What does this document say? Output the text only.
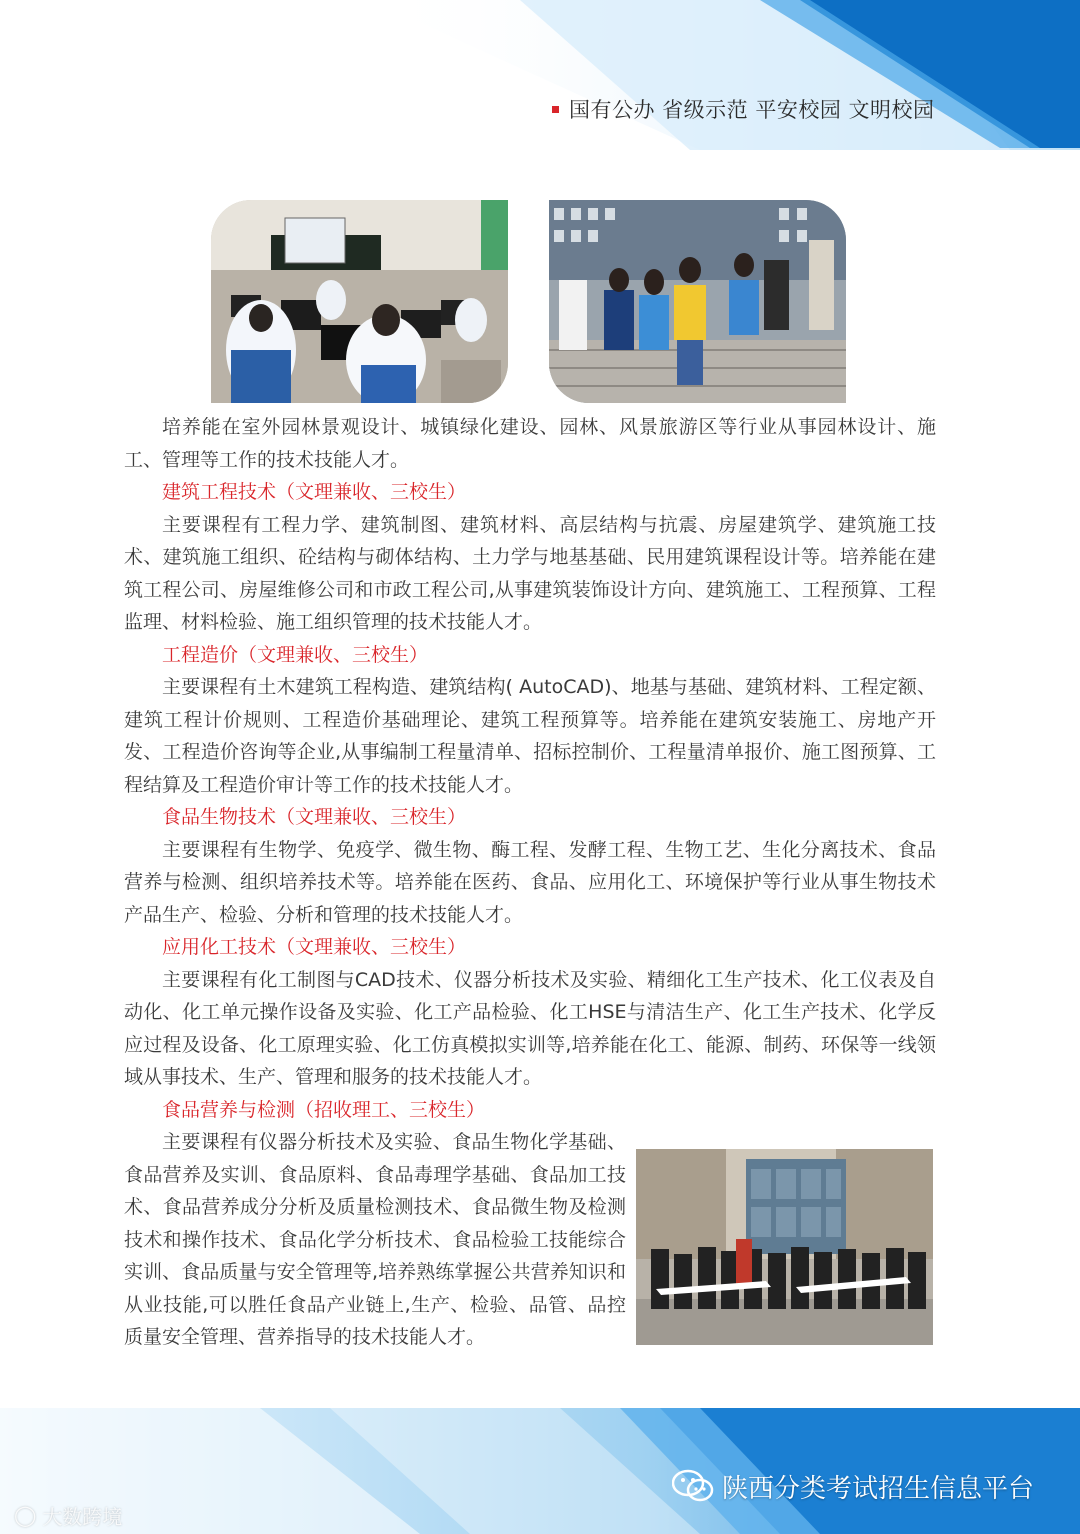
国有公办 省级示范 平安校园 文明校园

培养能在室外园林景观设计、城镇绿化建设、园林、风景旅游区等行业从事园林设计、施工、管理等工作的技术技能人才。

建筑工程技术（文理兼收、三校生）

主要课程有工程力学、建筑制图、建筑材料、高层结构与抗震、房屋建筑学、建筑施工技术、建筑施工组织、砼结构与砌体结构、土力学与地基基础、民用建筑课程设计等。培养能在建筑工程公司、房屋维修公司和市政工程公司,从事建筑装饰设计方向、建筑施工、工程预算、工程监理、材料检验、施工组织管理的技术技能人才。

工程造价（文理兼收、三校生）

主要课程有土木建筑工程构造、建筑结构( AutoCAD)、地基与基础、建筑材料、工程定额、建筑工程计价规则、工程造价基础理论、建筑工程预算等。培养能在建筑安装施工、房地产开发、工程造价咨询等企业,从事编制工程量清单、招标控制价、工程量清单报价、施工图预算、工程结算及工程造价审计等工作的技术技能人才。

食品生物技术（文理兼收、三校生）

主要课程有生物学、免疫学、微生物、酶工程、发酵工程、生物工艺、生化分离技术、食品营养与检测、组织培养技术等。培养能在医药、食品、应用化工、环境保护等行业从事生物技术产品生产、检验、分析和管理的技术技能人才。

应用化工技术（文理兼收、三校生）

主要课程有化工制图与CAD技术、仪器分析技术及实验、精细化工生产技术、化工仪表及自动化、化工单元操作设备及实验、化工产品检验、化工HSE与清洁生产、化工生产技术、化学反应过程及设备、化工原理实验、化工仿真模拟实训等,培养能在化工、能源、制药、环保等一线领域从事技术、生产、管理和服务的技术技能人才。

食品营养与检测（招收理工、三校生）

主要课程有仪器分析技术及实验、食品生物化学基础、食品营养及实训、食品原料、食品毒理学基础、食品加工技术、食品营养成分分析及质量检测技术、食品微生物及检测技术和操作技术、食品化学分析技术、食品检验工技能综合实训、食品质量与安全管理等,培养熟练掌握公共营养知识和从业技能,可以胜任食品产业链上,生产、检验、品管、品控质量安全管理、营养指导的技术技能人才。

◯ 大数跨境
陕西分类考试招生信息平台
